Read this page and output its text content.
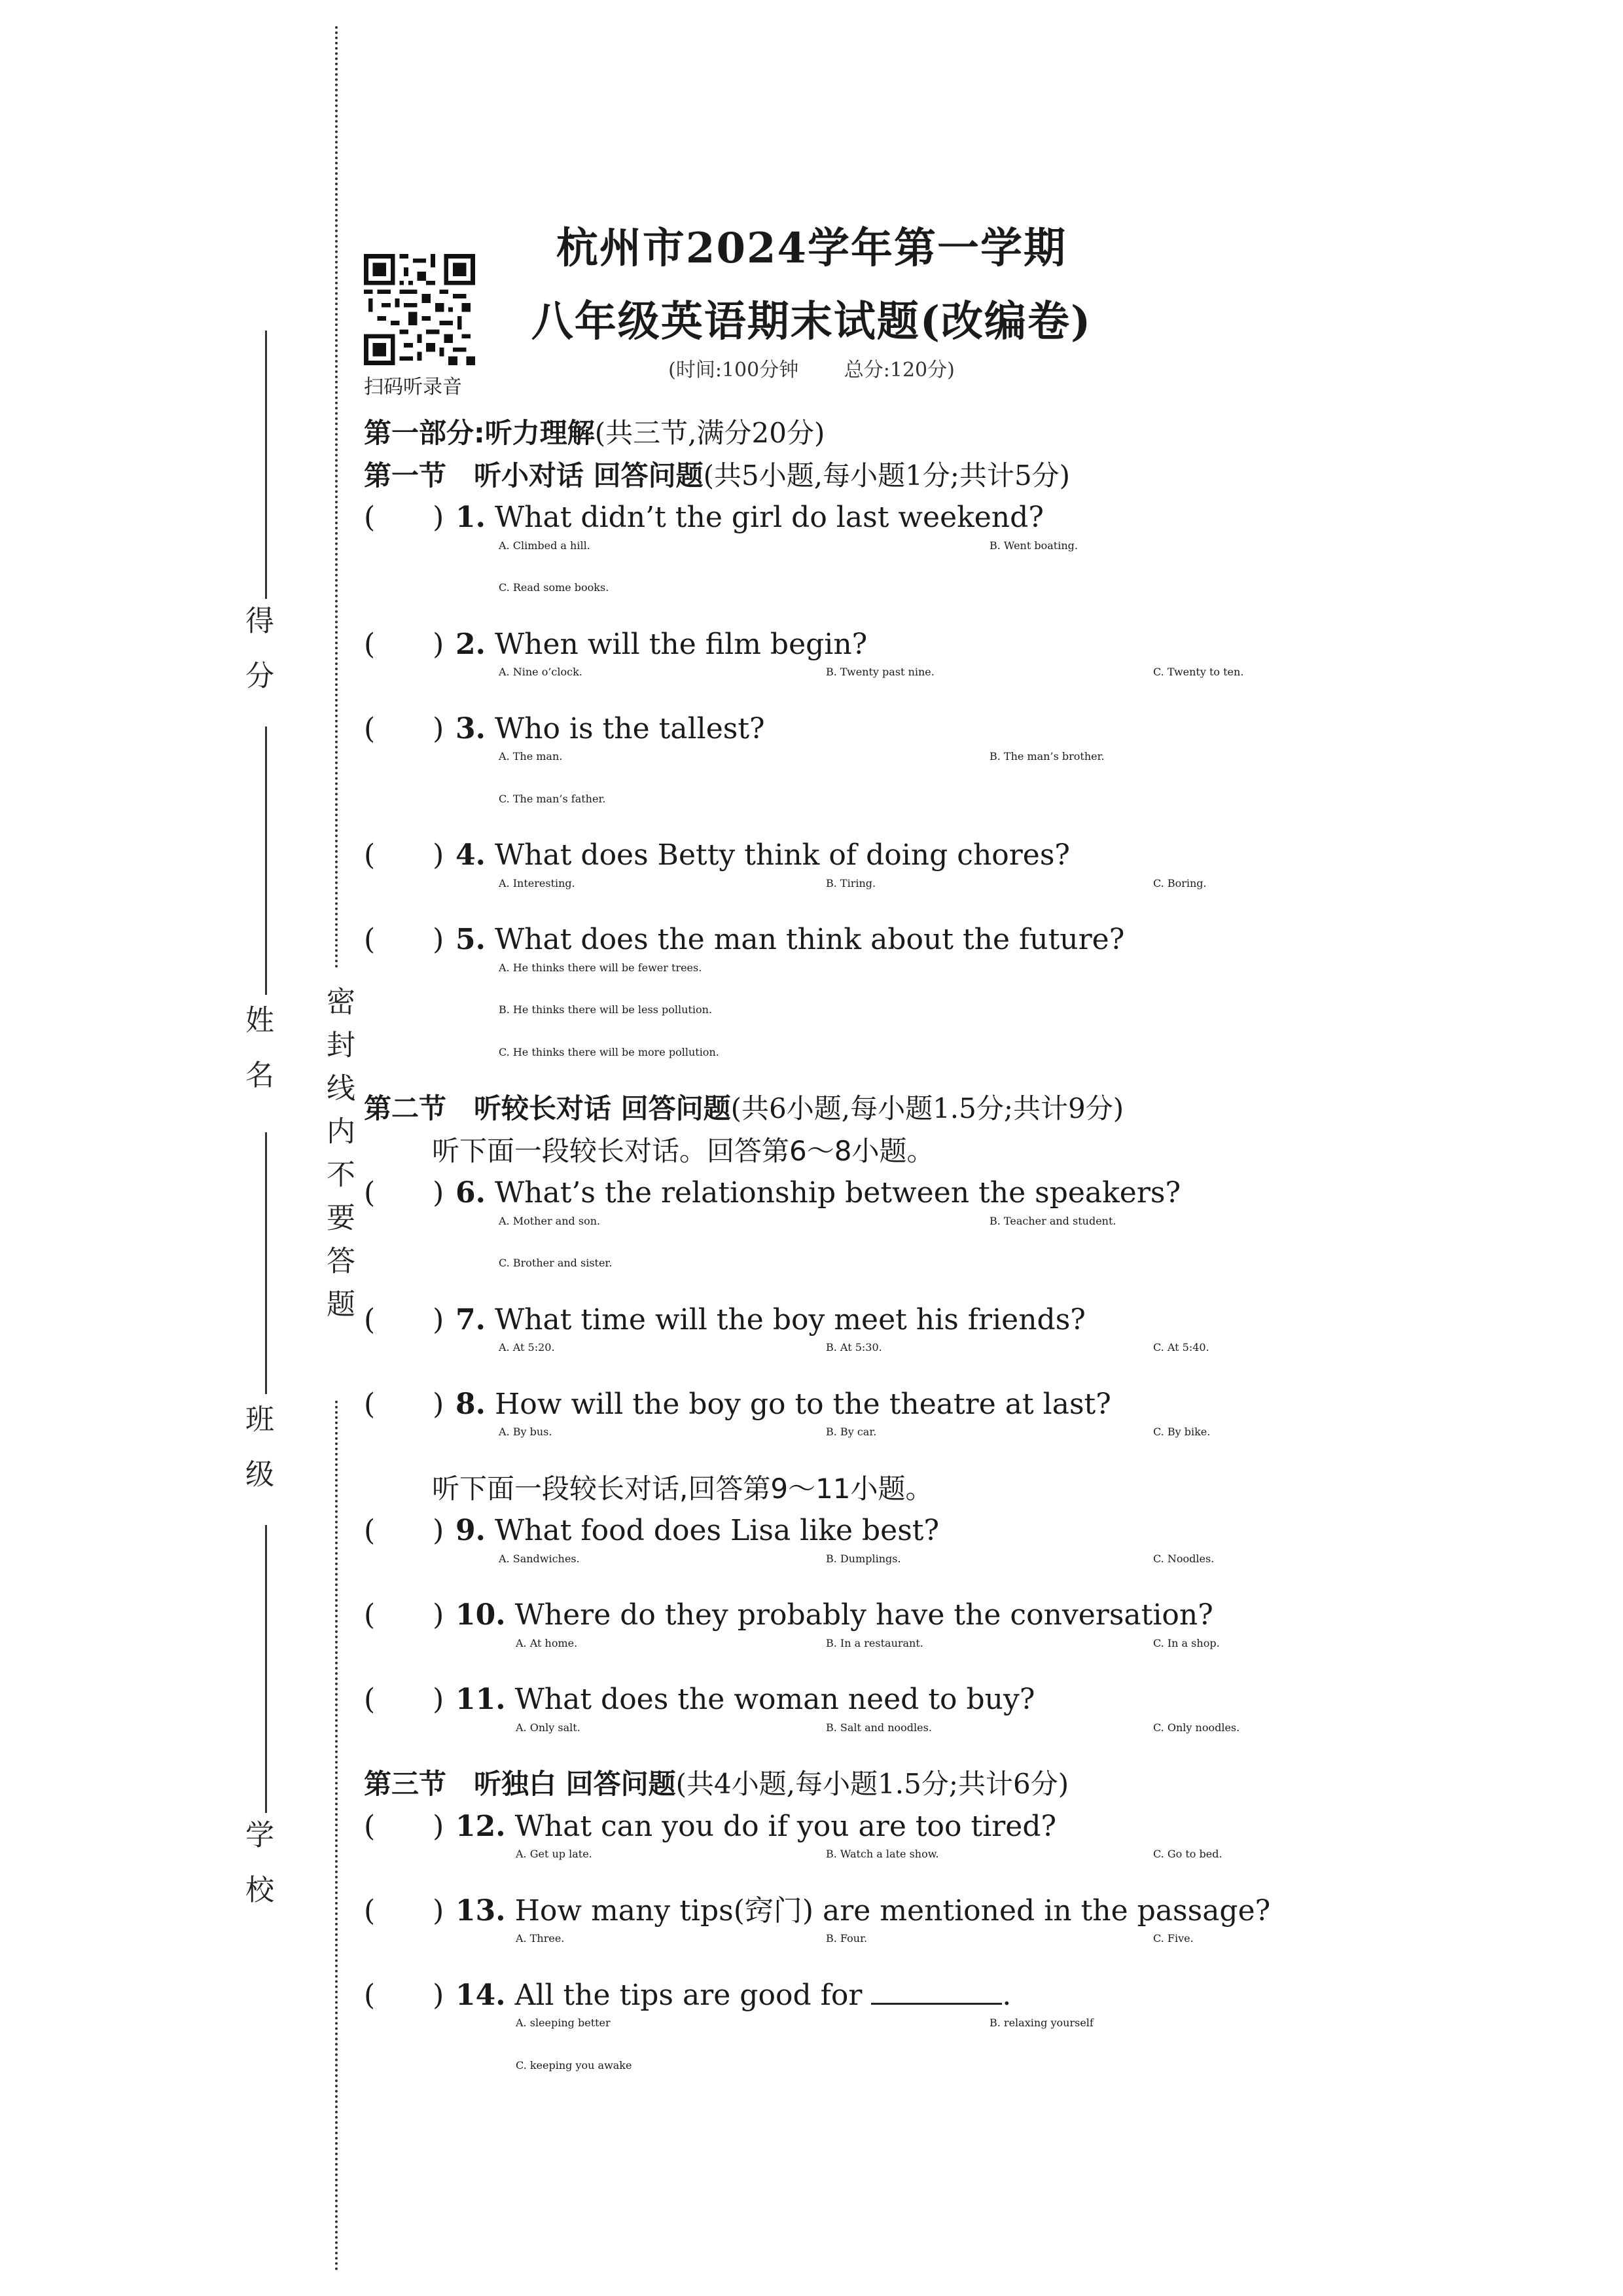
密封线内不要答题
得分
姓名
班级
学校
扫码听录音
杭州市2024学年第一学期
八年级英语期末试题(改编卷)
(时间:100分钟 总分:120分)
第一部分:听力理解(共三节,满分20分)
第一节　听小对话 回答问题(共5小题,每小题1分;共计5分)
(　　) 1. What didn’t the girl do last weekend?
A. Climbed a hill.	B. Went boating.
C. Read some books.
(　　) 2. When will the film begin?
A. Nine o’clock.	B. Twenty past nine.	C. Twenty to ten.
(　　) 3. Who is the tallest?
A. The man.	B. The man’s brother.
C. The man’s father.
(　　) 4. What does Betty think of doing chores?
A. Interesting.	B. Tiring.	C. Boring.
(　　) 5. What does the man think about the future?
A. He thinks there will be fewer trees.
B. He thinks there will be less pollution.
C. He thinks there will be more pollution.
第二节　听较长对话 回答问题(共6小题,每小题1.5分;共计9分)
听下面一段较长对话。回答第6～8小题。
(　　) 6. What’s the relationship between the speakers?
A. Mother and son.	B. Teacher and student.
C. Brother and sister.
(　　) 7. What time will the boy meet his friends?
A. At 5:20.	B. At 5:30.	C. At 5:40.
(　　) 8. How will the boy go to the theatre at last?
A. By bus.	B. By car.	C. By bike.
听下面一段较长对话,回答第9～11小题。
(　　) 9. What food does Lisa like best?
A. Sandwiches.	B. Dumplings.	C. Noodles.
(　　) 10. Where do they probably have the conversation?
A. At home.	B. In a restaurant.	C. In a shop.
(　　) 11. What does the woman need to buy?
A. Only salt.	B. Salt and noodles.	C. Only noodles.
第三节　听独白 回答问题(共4小题,每小题1.5分;共计6分)
(　　) 12. What can you do if you are too tired?
A. Get up late.	B. Watch a late show.	C. Go to bed.
(　　) 13. How many tips(窍门) are mentioned in the passage?
A. Three.	B. Four.	C. Five.
(　　) 14. All the tips are good for	.
A. sleeping better	B. relaxing yourself
C. keeping you awake
